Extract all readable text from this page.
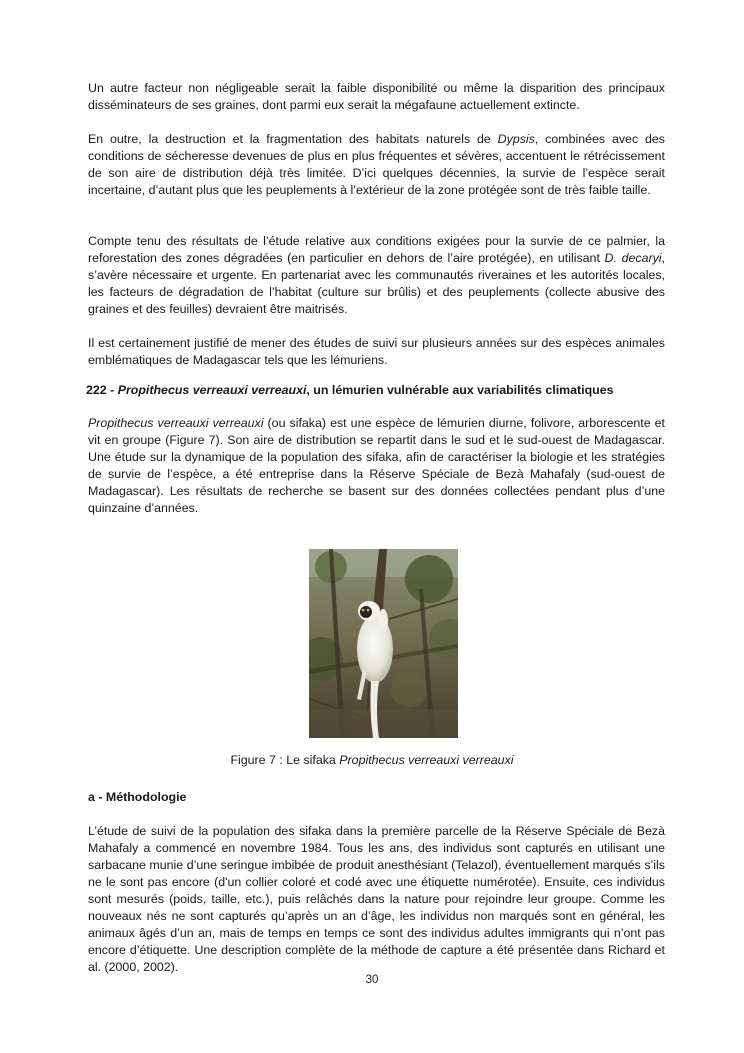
Un autre facteur non négligeable serait la faible disponibilité ou même la disparition des principaux disséminateurs de ses graines, dont parmi eux serait la mégafaune actuellement extincte.

En outre, la destruction et la fragmentation des habitats naturels de Dypsis, combinées avec des conditions de sécheresse devenues de plus en plus fréquentes et sévères, accentuent le rétrécissement de son aire de distribution déjà très limitée. D’ici quelques décennies, la survie de l’espèce serait incertaine, d’autant plus que les peuplements à l’extérieur de la zone protégée sont de très faible taille.

Compte tenu des résultats de l’étude relative aux conditions exigées pour la survie de ce palmier, la reforestation des zones dégradées (en particulier en dehors de l’aire protégée), en utilisant D. decaryi, s’avère nécessaire et urgente. En partenariat avec les communautés riveraines et les autorités locales, les facteurs de dégradation de l’habitat (culture sur brûlis) et des peuplements (collecte abusive des graines et des feuilles) devraient être maitrisés.

Il est certainement justifié de mener des études de suivi sur plusieurs années sur des espèces animales emblématiques de Madagascar tels que les lémuriens.

222 - Propithecus verreauxi verreauxi, un lémurien vulnérable aux variabilités climatiques

Propithecus verreauxi verreauxi (ou sifaka) est une espèce de lémurien diurne, folivore, arborescente et vit en groupe (Figure 7). Son aire de distribution se repartit dans le sud et le sud-ouest de Madagascar. Une étude sur la dynamique de la population des sifaka, afin de caractériser la biologie et les stratégies de survie de l’espèce, a été entreprise dans la Réserve Spéciale de Bezà Mahafaly (sud-ouest de Madagascar). Les résultats de recherche se basent sur des données collectées pendant plus d’une quinzaine d’années.

Figure 7 : Le sifaka Propithecus verreauxi verreauxi

a - Méthodologie

L’étude de suivi de la population des sifaka dans la première parcelle de la Réserve Spéciale de Bezà Mahafaly a commencé en novembre 1984. Tous les ans, des individus sont capturés en utilisant une sarbacane munie d’une seringue imbibée de produit anesthésiant (Telazol), éventuellement marqués s’ils ne le sont pas encore (d'un collier coloré et codé avec une étiquette numérotée). Ensuite, ces individus sont mesurés (poids, taille, etc.), puis relâchés dans la nature pour rejoindre leur groupe. Comme les nouveaux nés ne sont capturés qu’après un an d’âge, les individus non marqués sont en général, les animaux âgés d’un an, mais de temps en temps ce sont des individus adultes immigrants qui n’ont pas encore d’étiquette. Une description complète de la méthode de capture a été présentée dans Richard et al. (2000, 2002).

30
